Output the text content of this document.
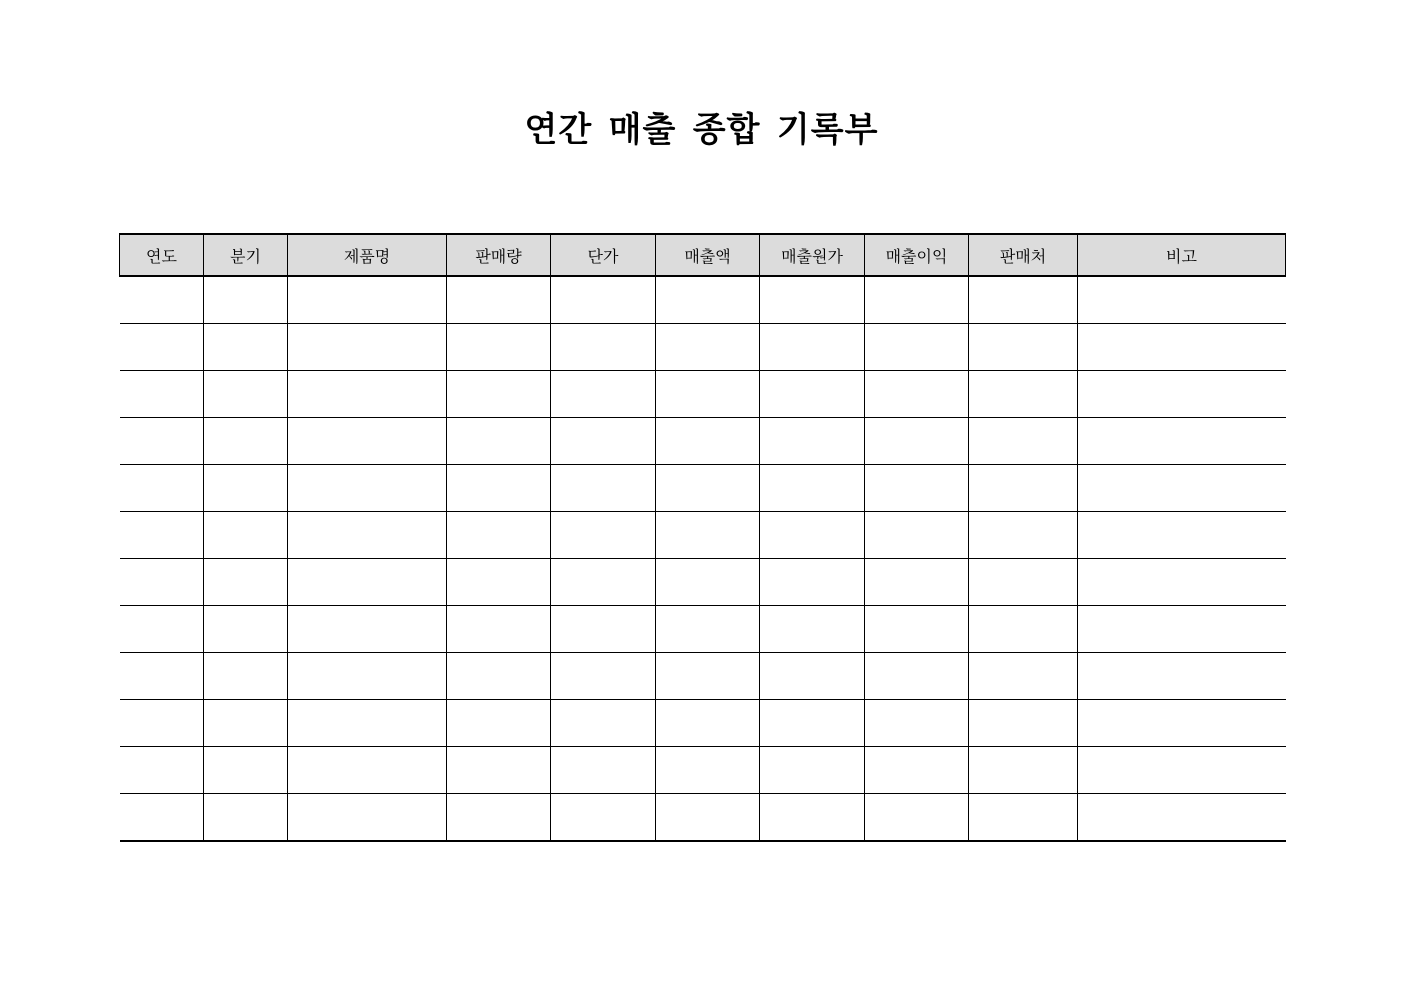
연간 매출 종합 기록부
연도	분기	제품명	판매량	단가	매출액	매출원가	매출이익	판매처	비고
